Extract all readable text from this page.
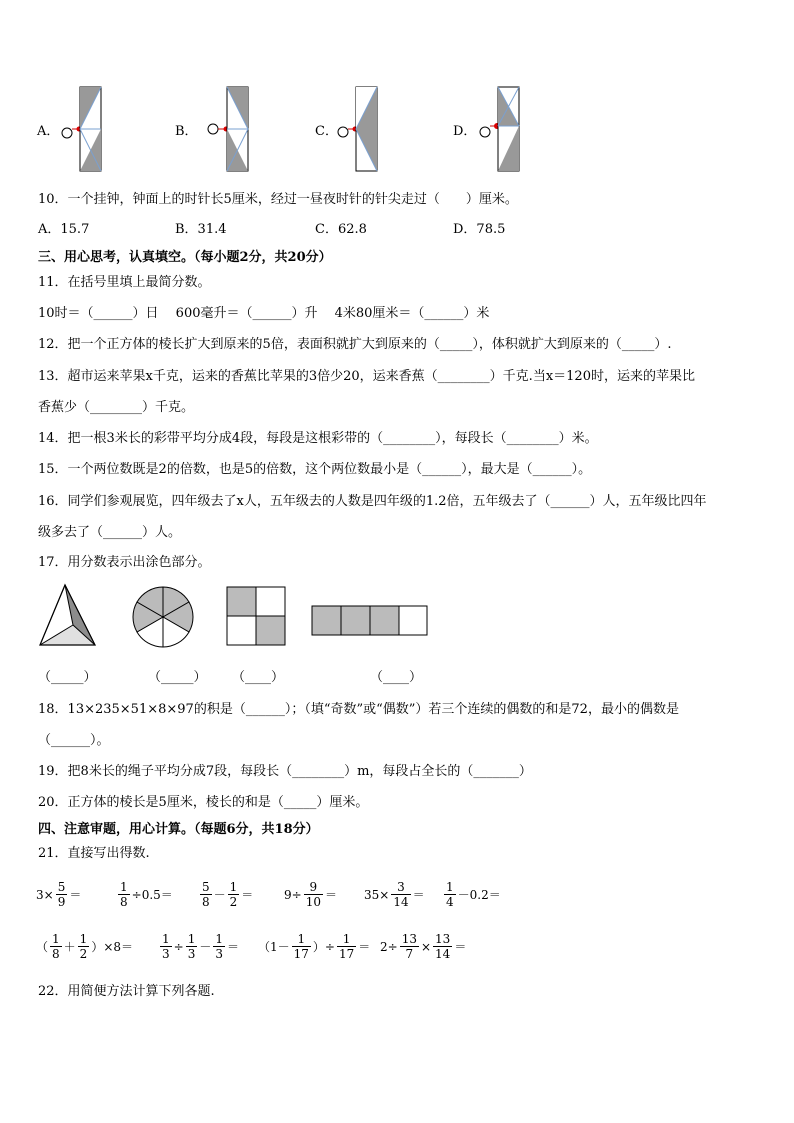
A．	B．	C．	D．
10．一个挂钟，钟面上的时针长5厘米，经过一昼夜时针的针尖走过（　　）厘米。
A．15.7	B．31.4	C．62.8	D．78.5
三、用心思考，认真填空。（每小题2分，共20分）
11．在括号里填上最简分数。
10时＝（______）日　 600毫升＝（______）升　 4米80厘米＝（______）米
12．把一个正方体的棱长扩大到原来的5倍，表面积就扩大到原来的（_____），体积就扩大到原来的（_____）.
13．超市运来苹果x千克，运来的香蕉比苹果的3倍少20，运来香蕉（________）千克.当x＝120时，运来的苹果比
香蕉少（________）千克。
14．把一根3米长的彩带平均分成4段，每段是这根彩带的（________），每段长（________）米。
15．一个两位数既是2的倍数，也是5的倍数，这个两位数最小是（______），最大是（______）。
16．同学们参观展览，四年级去了x人，五年级去的人数是四年级的1.2倍，五年级去了（______）人，五年级比四年
级多去了（______）人。
17．用分数表示出涂色部分。
（_____）	（_____） （____）	（____）
18．13×235×51×8×97的积是（______）；（填“奇数”或“偶数”）若三个连续的偶数的和是72，最小的偶数是
（______）。
19．把8米长的绳子平均分成7段，每段长（________）m，每段占全长的（_______）
20．正方体的棱长是5厘米，棱长的和是（_____）厘米。
四、注意审题，用心计算。（每题6分，共18分）
21．直接写出得数.
$3\times \frac{5}{9}$ ＝	$\frac{1}{8} \div 0.5= \frac{5}{8} - \frac{1}{2}$ ＝	$9\div \frac{9}{10} = 35\times \frac{3}{14} = \frac{1}{4} -0.2=$
（ $\frac{1}{8} + \frac{1}{2} )\times 8= \frac{1}{3} \div \frac{1}{3} - \frac{1}{3} = (1- \frac{1}{17}$ ）÷ $\frac{1}{17} = 2\div \frac{13}{7} \times \frac{13}{14}$ ＝
22．用简便方法计算下列各题.
